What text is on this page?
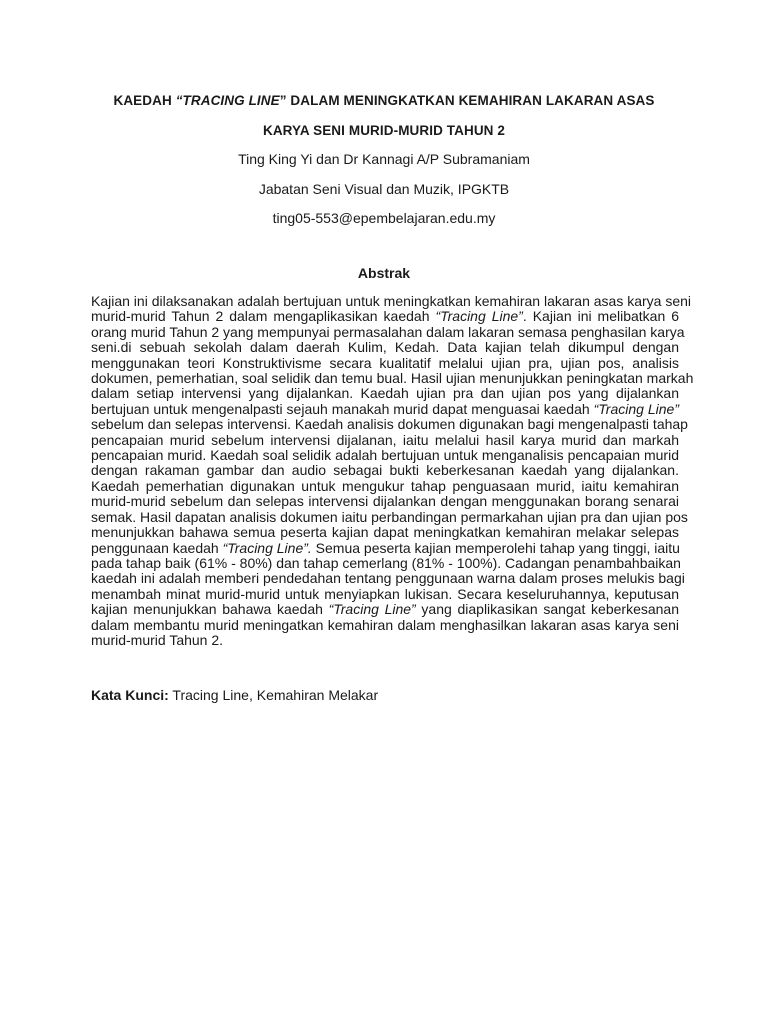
KAEDAH “TRACING LINE” DALAM MENINGKATKAN KEMAHIRAN LAKARAN ASAS

KARYA SENI MURID-MURID TAHUN 2

Ting King Yi dan Dr Kannagi A/P Subramaniam

Jabatan Seni Visual dan Muzik, IPGKTB

ting05-553@epembelajaran.edu.my

Abstrak

Kajian ini dilaksanakan adalah bertujuan untuk meningkatkan kemahiran lakaran asas karya seni
murid-murid Tahun 2 dalam mengaplikasikan kaedah “Tracing Line”. Kajian ini melibatkan 6
orang murid Tahun 2 yang mempunyai permasalahan dalam lakaran semasa penghasilan karya
seni.di sebuah sekolah dalam daerah Kulim, Kedah. Data kajian telah dikumpul dengan
menggunakan teori Konstruktivisme secara kualitatif melalui ujian pra, ujian pos, analisis
dokumen, pemerhatian, soal selidik dan temu bual. Hasil ujian menunjukkan peningkatan markah
dalam setiap intervensi yang dijalankan. Kaedah ujian pra dan ujian pos yang dijalankan
bertujuan untuk mengenalpasti sejauh manakah murid dapat menguasai kaedah “Tracing Line”
sebelum dan selepas intervensi. Kaedah analisis dokumen digunakan bagi mengenalpasti tahap
pencapaian murid sebelum intervensi dijalanan, iaitu melalui hasil karya murid dan markah
pencapaian murid. Kaedah soal selidik adalah bertujuan untuk menganalisis pencapaian murid
dengan rakaman gambar dan audio sebagai bukti keberkesanan kaedah yang dijalankan.
Kaedah pemerhatian digunakan untuk mengukur tahap penguasaan murid, iaitu kemahiran
murid-murid sebelum dan selepas intervensi dijalankan dengan menggunakan borang senarai
semak. Hasil dapatan analisis dokumen iaitu perbandingan permarkahan ujian pra dan ujian pos
menunjukkan bahawa semua peserta kajian dapat meningkatkan kemahiran melakar selepas
penggunaan kaedah “Tracing Line”. Semua peserta kajian memperolehi tahap yang tinggi, iaitu
pada tahap baik (61% - 80%) dan tahap cemerlang (81% - 100%). Cadangan penambahbaikan
kaedah ini adalah memberi pendedahan tentang penggunaan warna dalam proses melukis bagi
menambah minat murid-murid untuk menyiapkan lukisan. Secara keseluruhannya, keputusan
kajian menunjukkan bahawa kaedah “Tracing Line” yang diaplikasikan sangat keberkesanan
dalam membantu murid meningatkan kemahiran dalam menghasilkan lakaran asas karya seni
murid-murid Tahun 2.

Kata Kunci: Tracing Line, Kemahiran Melakar
